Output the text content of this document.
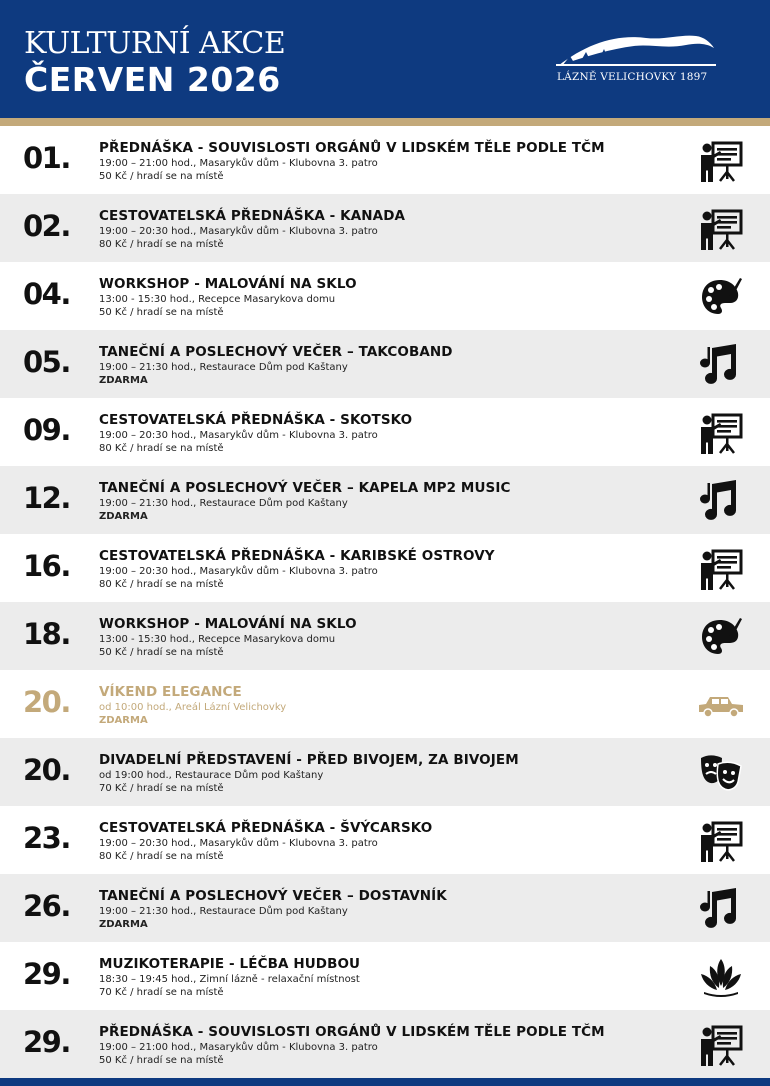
KULTURNÍ AKCE
ČERVEN 2026	LÁZNĚ VELICHOVKY 1897
01.	PŘEDNÁŠKA - SOUVISLOSTI ORGÁNŮ V LIDSKÉM TĚLE PODLE TČM
19:00 – 21:00 hod., Masarykův dům - Klubovna 3. patro
50 Kč / hradí se na místě
02.	CESTOVATELSKÁ PŘEDNÁŠKA - KANADA
19:00 – 20:30 hod., Masarykův dům - Klubovna 3. patro
80 Kč / hradí se na místě
04.	WORKSHOP - MALOVÁNÍ NA SKLO
13:00 - 15:30 hod., Recepce Masarykova domu
50 Kč / hradí se na místě
05.	TANEČNÍ A POSLECHOVÝ VEČER – TAKCOBAND
19:00 – 21:30 hod., Restaurace Dům pod Kaštany
ZDARMA
09.	CESTOVATELSKÁ PŘEDNÁŠKA - SKOTSKO
19:00 – 20:30 hod., Masarykův dům - Klubovna 3. patro
80 Kč / hradí se na místě
12.	TANEČNÍ A POSLECHOVÝ VEČER – KAPELA MP2 MUSIC
19:00 – 21:30 hod., Restaurace Dům pod Kaštany
ZDARMA
16.	CESTOVATELSKÁ PŘEDNÁŠKA - KARIBSKÉ OSTROVY
19:00 – 20:30 hod., Masarykův dům - Klubovna 3. patro
80 Kč / hradí se na místě
18.	WORKSHOP - MALOVÁNÍ NA SKLO
13:00 - 15:30 hod., Recepce Masarykova domu
50 Kč / hradí se na místě
20.	VÍKEND ELEGANCE
od 10:00 hod., Areál Lázní Velichovky
ZDARMA
20.	DIVADELNÍ PŘEDSTAVENÍ - PŘED BIVOJEM, ZA BIVOJEM
od 19:00 hod., Restaurace Dům pod Kaštany
70 Kč / hradí se na místě
23.	CESTOVATELSKÁ PŘEDNÁŠKA - ŠVÝCARSKO
19:00 – 20:30 hod., Masarykův dům - Klubovna 3. patro
80 Kč / hradí se na místě
26.	TANEČNÍ A POSLECHOVÝ VEČER – DOSTAVNÍK
19:00 – 21:30 hod., Restaurace Dům pod Kaštany
ZDARMA
29.	MUZIKOTERAPIE - LÉČBA HUDBOU
18:30 – 19:45 hod., Zimní lázně - relaxační místnost
70 Kč / hradí se na místě
29.	PŘEDNÁŠKA - SOUVISLOSTI ORGÁNŮ V LIDSKÉM TĚLE PODLE TČM
19:00 – 21:00 hod., Masarykův dům - Klubovna 3. patro
50 Kč / hradí se na místě
